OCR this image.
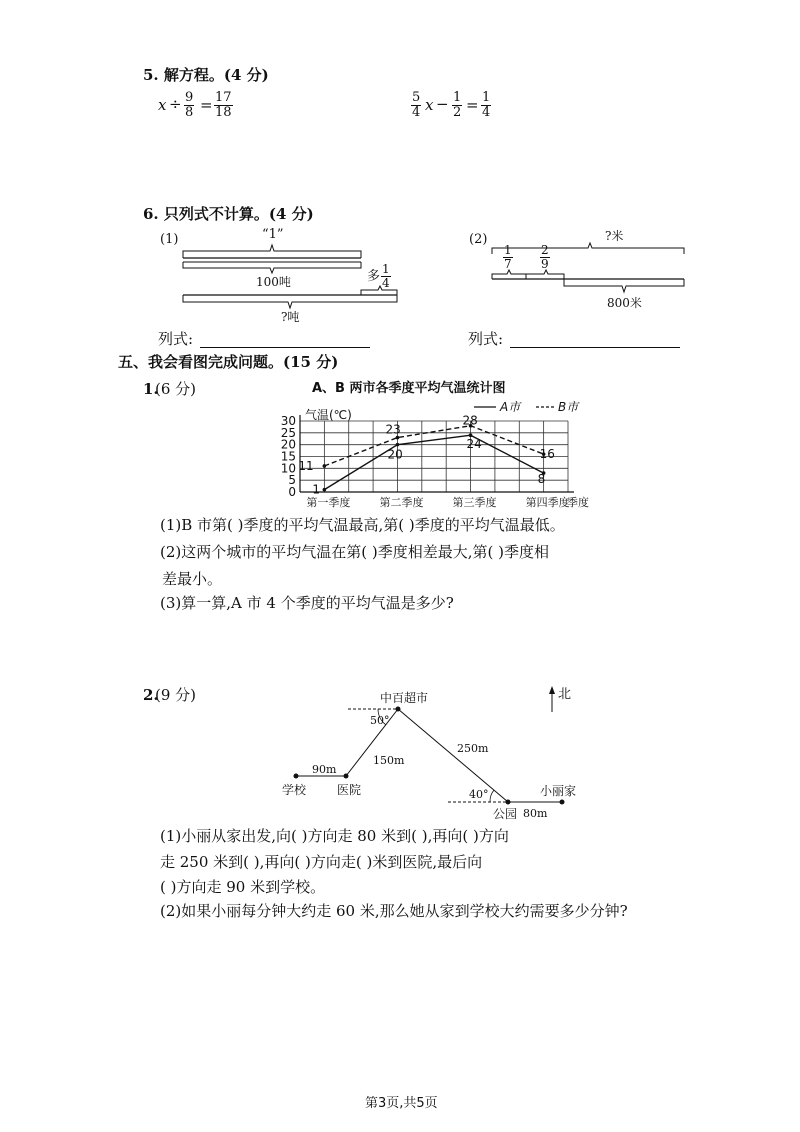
5. 解方程。(4 分)
$x \div \frac{9}{8} = \frac{17}{18}$	$\frac{5}{4}$ $x - \frac{1}{2} = \frac{1}{4}$
6. 只列式不计算。(4 分)
(1)	“1”
100吨	多 $\frac{1}{4}$
?吨
列式:
(2)	?米
$\frac{1}{7} \frac{2}{9}$
800米
列式:
五、我会看图完成问题。(15 分)
1.
(6 分)	A、B 两市各季度平均气温统计图
0
5
10
15
20
25
30 气温(℃)
第一季度	第二季度	第三季度	第四季度
季度
A市	B市
1
20
24
8
11
23
28
16
(1)B 市第( )季度的平均气温最高,第( )季度的平均气温最低。
(2)这两个城市的平均气温在第( )季度相差最大,第( )季度相
差最小。
(3)算一算,A 市 4 个季度的平均气温是多少?
2.
(9 分)	北
中百超市
50°
250m
150m
90m
学校	医院	40°	小丽家
公园 80m
(1)小丽从家出发,向( )方向走 80 米到( ),再向( )方向
走 250 米到( ),再向( )方向走( )米到医院,最后向
( )方向走 90 米到学校。
(2)如果小丽每分钟大约走 60 米,那么她从家到学校大约需要多少分钟?
第3页,共5页
